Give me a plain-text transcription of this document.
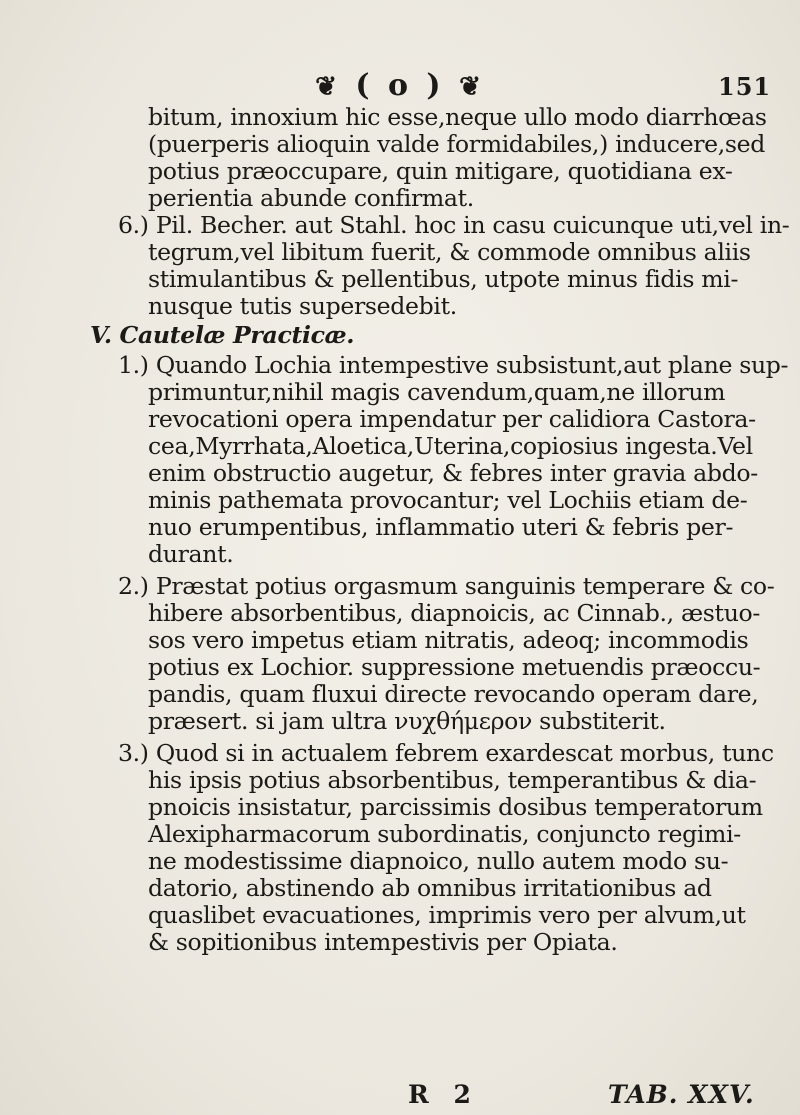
❦ ( o ) ❦	151
bitum, innoxium hic esse,neque ullo modo diarrhœas
(puerperis alioquin valde formidabiles,) inducere,sed
potius præoccupare, quin mitigare, quotidiana ex-
perientia abunde confirmat.
6.) Pil. Becher. aut Stahl. hoc in casu cuicunque uti,vel in-
tegrum,vel libitum fuerit, & commode omnibus aliis
stimulantibus & pellentibus, utpote minus fidis mi-
nusque tutis supersedebit.
V. Cautelæ Practicæ.
1.) Quando Lochia intempestive subsistunt,aut plane sup-
primuntur,nihil magis cavendum,quam,ne illorum
revocationi opera impendatur per calidiora Castora-
cea,Myrrhata,Aloetica,Uterina,copiosius ingesta.Vel
enim obstructio augetur, & febres inter gravia abdo-
minis pathemata provocantur; vel Lochiis etiam de-
nuo erumpentibus, inflammatio uteri & febris per-
durant.
2.) Præstat potius orgasmum sanguinis temperare & co-
hibere absorbentibus, diapnoicis, ac Cinnab., æstuo-
sos vero impetus etiam nitratis, adeoq; incommodis
potius ex Lochior. suppressione metuendis præoccu-
pandis, quam fluxui directe revocando operam dare,
præsert. si jam ultra νυχθήμερον substiterit.
3.) Quod si in actualem febrem exardescat morbus, tunc
his ipsis potius absorbentibus, temperantibus & dia-
pnoicis insistatur, parcissimis dosibus temperatorum
Alexipharmacorum subordinatis, conjuncto regimi-
ne modestissime diapnoico, nullo autem modo su-
datorio, abstinendo ab omnibus irritationibus ad
quaslibet evacuationes, imprimis vero per alvum,ut
& sopitionibus intempestivis per Opiata.
R 2	TAB. XXV.
